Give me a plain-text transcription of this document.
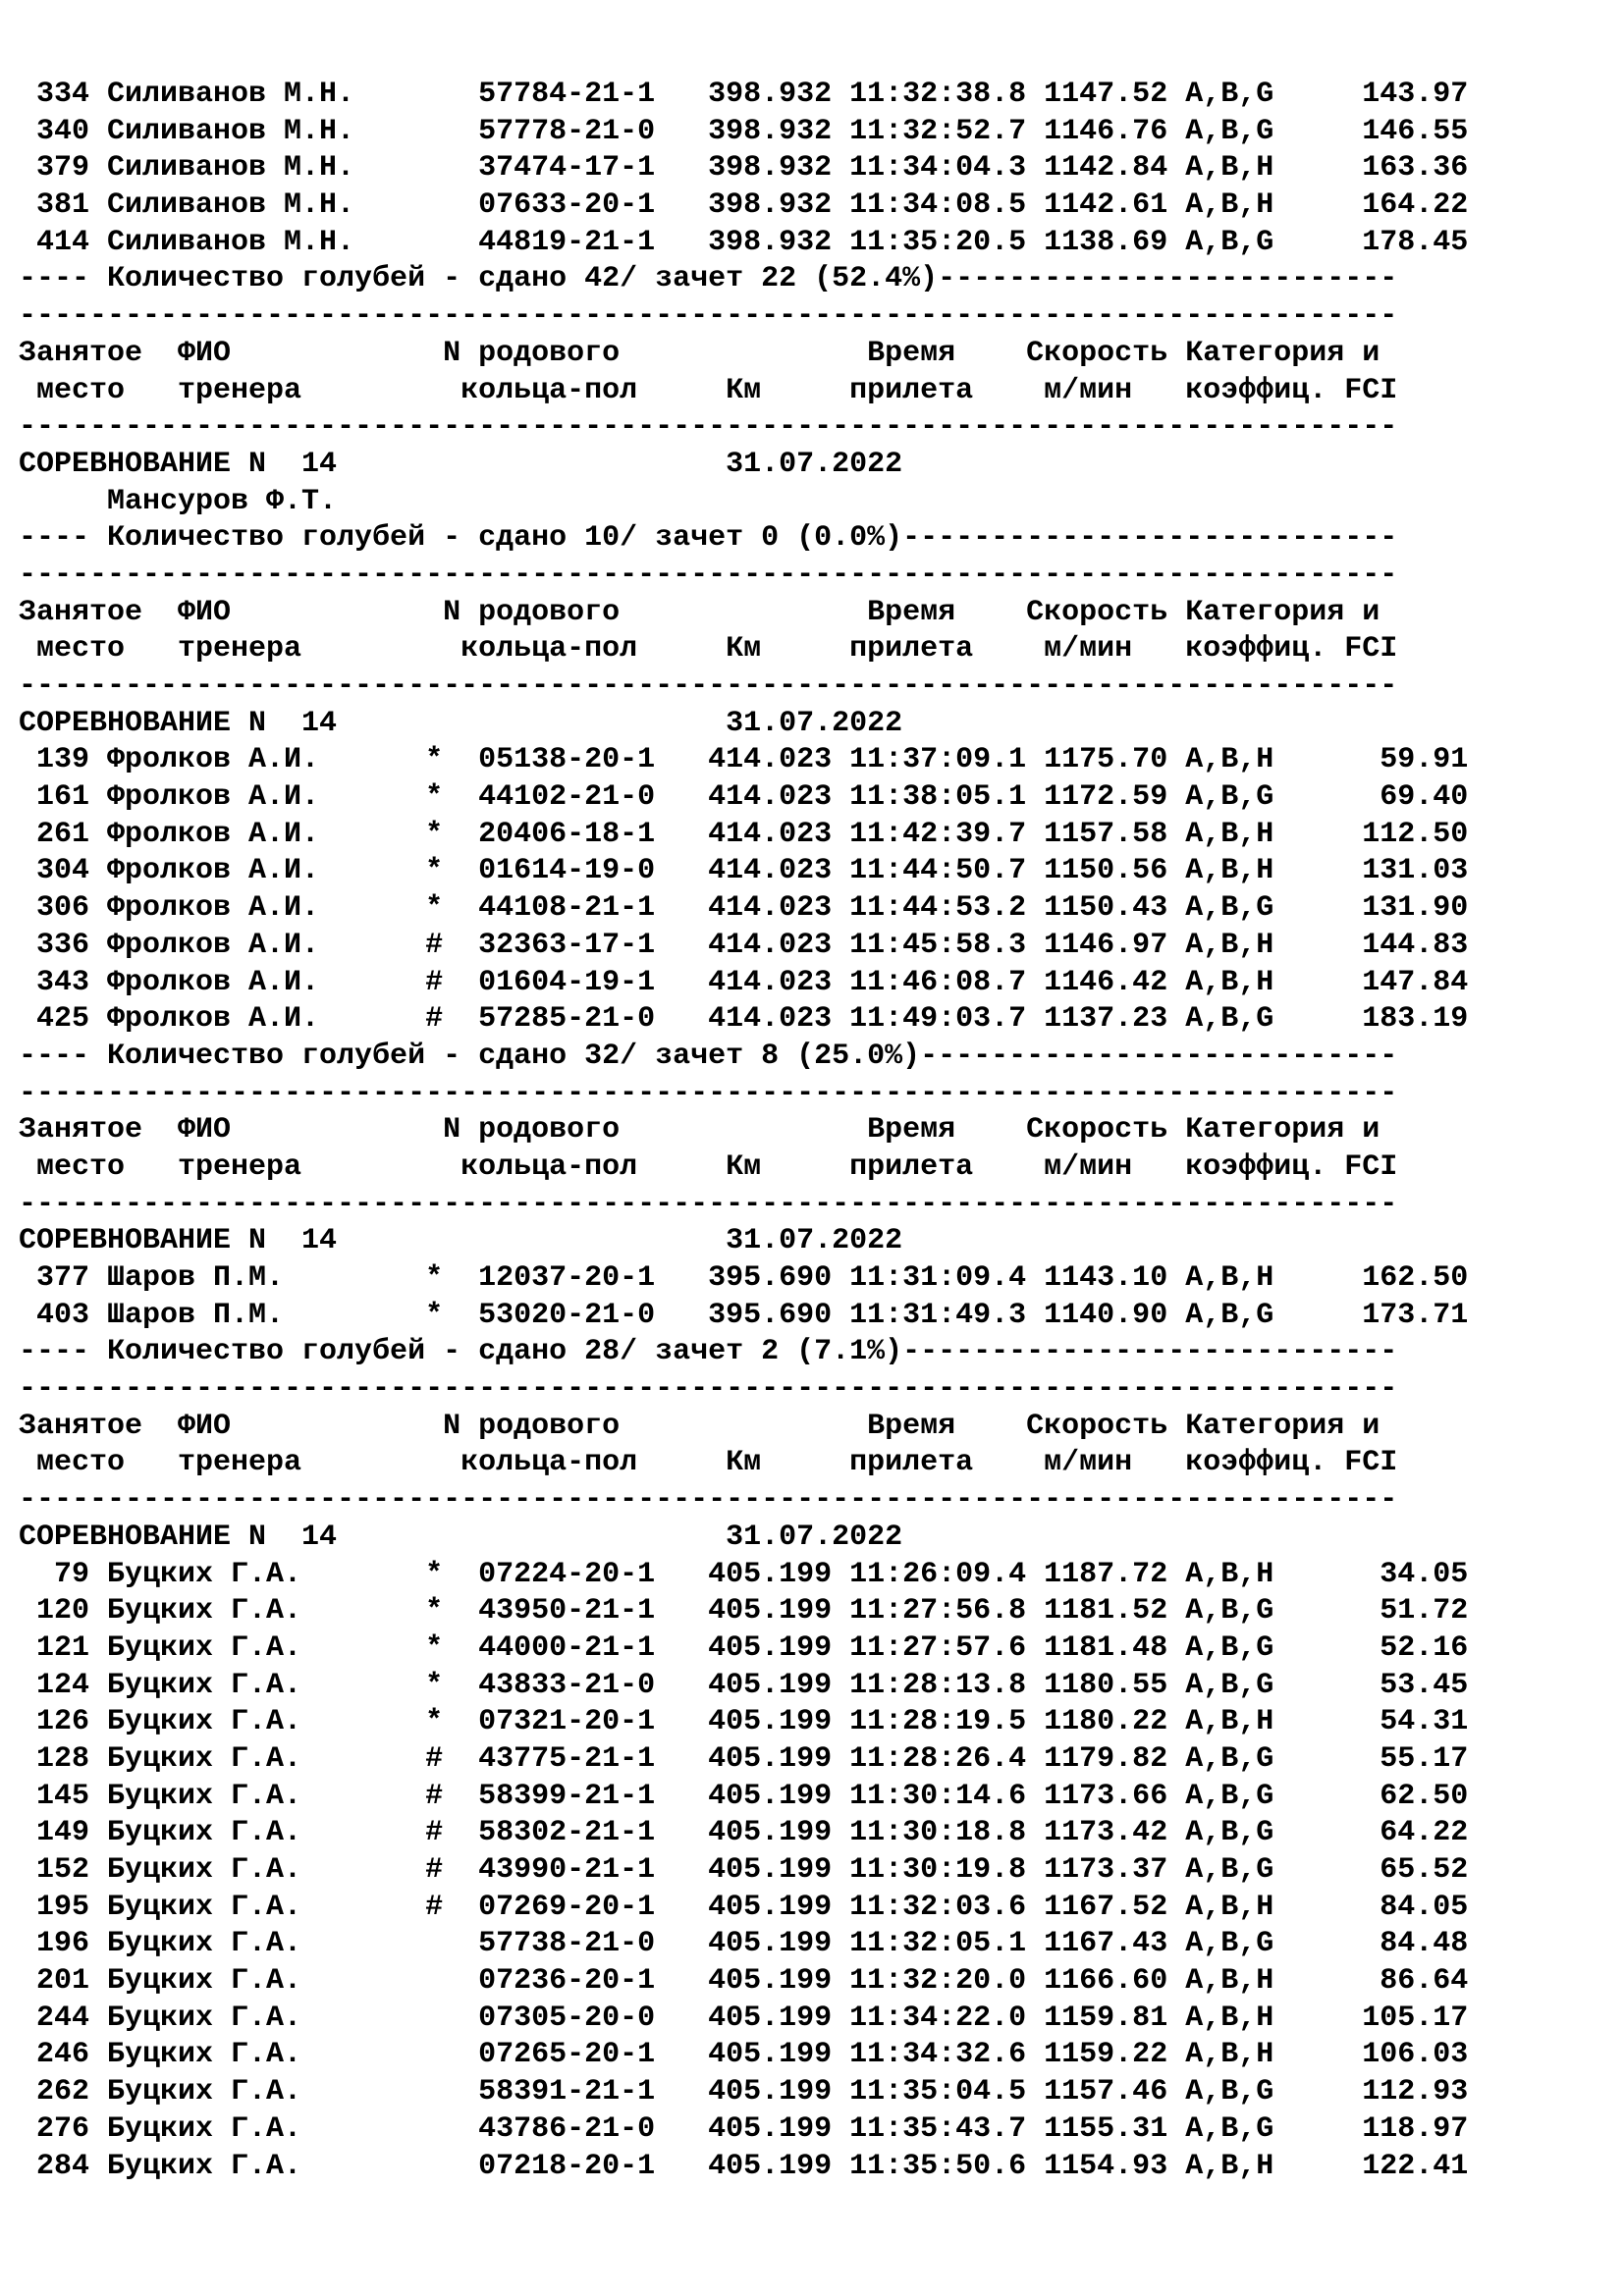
334 Силиванов М.Н.       57784-21-1   398.932 11:32:38.8 1147.52 A,B,G     143.97
340 Силиванов М.Н.       57778-21-0   398.932 11:32:52.7 1146.76 A,B,G     146.55
379 Силиванов М.Н.       37474-17-1   398.932 11:34:04.3 1142.84 A,B,H     163.36
381 Силиванов М.Н.       07633-20-1   398.932 11:34:08.5 1142.61 A,B,H     164.22
414 Силиванов М.Н.       44819-21-1   398.932 11:35:20.5 1138.69 A,B,G     178.45
---- Количество голубей - сдано 42/ зачет 22 (52.4%)--------------------------
------------------------------------------------------------------------------
Занятое  ФИО            N родового              Время    Скорость Категория и
место   тренера         кольца-пол     Км     прилета    м/мин   коэффиц. FCI
------------------------------------------------------------------------------
СОРЕВНОВАНИЕ N  14                      31.07.2022
Мансуров Ф.Т.
---- Количество голубей - сдано 10/ зачет 0 (0.0%)----------------------------
------------------------------------------------------------------------------
Занятое  ФИО            N родового              Время    Скорость Категория и
место   тренера         кольца-пол     Км     прилета    м/мин   коэффиц. FCI
------------------------------------------------------------------------------
СОРЕВНОВАНИЕ N  14                      31.07.2022
139 Фролков А.И.      *  05138-20-1   414.023 11:37:09.1 1175.70 A,B,H      59.91
161 Фролков А.И.      *  44102-21-0   414.023 11:38:05.1 1172.59 A,B,G      69.40
261 Фролков А.И.      *  20406-18-1   414.023 11:42:39.7 1157.58 A,B,H     112.50
304 Фролков А.И.      *  01614-19-0   414.023 11:44:50.7 1150.56 A,B,H     131.03
306 Фролков А.И.      *  44108-21-1   414.023 11:44:53.2 1150.43 A,B,G     131.90
336 Фролков А.И.      #  32363-17-1   414.023 11:45:58.3 1146.97 A,B,H     144.83
343 Фролков А.И.      #  01604-19-1   414.023 11:46:08.7 1146.42 A,B,H     147.84
425 Фролков А.И.      #  57285-21-0   414.023 11:49:03.7 1137.23 A,B,G     183.19
---- Количество голубей - сдано 32/ зачет 8 (25.0%)---------------------------
------------------------------------------------------------------------------
Занятое  ФИО            N родового              Время    Скорость Категория и
место   тренера         кольца-пол     Км     прилета    м/мин   коэффиц. FCI
------------------------------------------------------------------------------
СОРЕВНОВАНИЕ N  14                      31.07.2022
377 Шаров П.М.        *  12037-20-1   395.690 11:31:09.4 1143.10 A,B,H     162.50
403 Шаров П.М.        *  53020-21-0   395.690 11:31:49.3 1140.90 A,B,G     173.71
---- Количество голубей - сдано 28/ зачет 2 (7.1%)----------------------------
------------------------------------------------------------------------------
Занятое  ФИО            N родового              Время    Скорость Категория и
место   тренера         кольца-пол     Км     прилета    м/мин   коэффиц. FCI
------------------------------------------------------------------------------
СОРЕВНОВАНИЕ N  14                      31.07.2022
79 Буцких Г.А.       *  07224-20-1   405.199 11:26:09.4 1187.72 A,B,H      34.05
120 Буцких Г.А.       *  43950-21-1   405.199 11:27:56.8 1181.52 A,B,G      51.72
121 Буцких Г.А.       *  44000-21-1   405.199 11:27:57.6 1181.48 A,B,G      52.16
124 Буцких Г.А.       *  43833-21-0   405.199 11:28:13.8 1180.55 A,B,G      53.45
126 Буцких Г.А.       *  07321-20-1   405.199 11:28:19.5 1180.22 A,B,H      54.31
128 Буцких Г.А.       #  43775-21-1   405.199 11:28:26.4 1179.82 A,B,G      55.17
145 Буцких Г.А.       #  58399-21-1   405.199 11:30:14.6 1173.66 A,B,G      62.50
149 Буцких Г.А.       #  58302-21-1   405.199 11:30:18.8 1173.42 A,B,G      64.22
152 Буцких Г.А.       #  43990-21-1   405.199 11:30:19.8 1173.37 A,B,G      65.52
195 Буцких Г.А.       #  07269-20-1   405.199 11:32:03.6 1167.52 A,B,H      84.05
196 Буцких Г.А.          57738-21-0   405.199 11:32:05.1 1167.43 A,B,G      84.48
201 Буцких Г.А.          07236-20-1   405.199 11:32:20.0 1166.60 A,B,H      86.64
244 Буцких Г.А.          07305-20-0   405.199 11:34:22.0 1159.81 A,B,H     105.17
246 Буцких Г.А.          07265-20-1   405.199 11:34:32.6 1159.22 A,B,H     106.03
262 Буцких Г.А.          58391-21-1   405.199 11:35:04.5 1157.46 A,B,G     112.93
276 Буцких Г.А.          43786-21-0   405.199 11:35:43.7 1155.31 A,B,G     118.97
284 Буцких Г.А.          07218-20-1   405.199 11:35:50.6 1154.93 A,B,H     122.41
